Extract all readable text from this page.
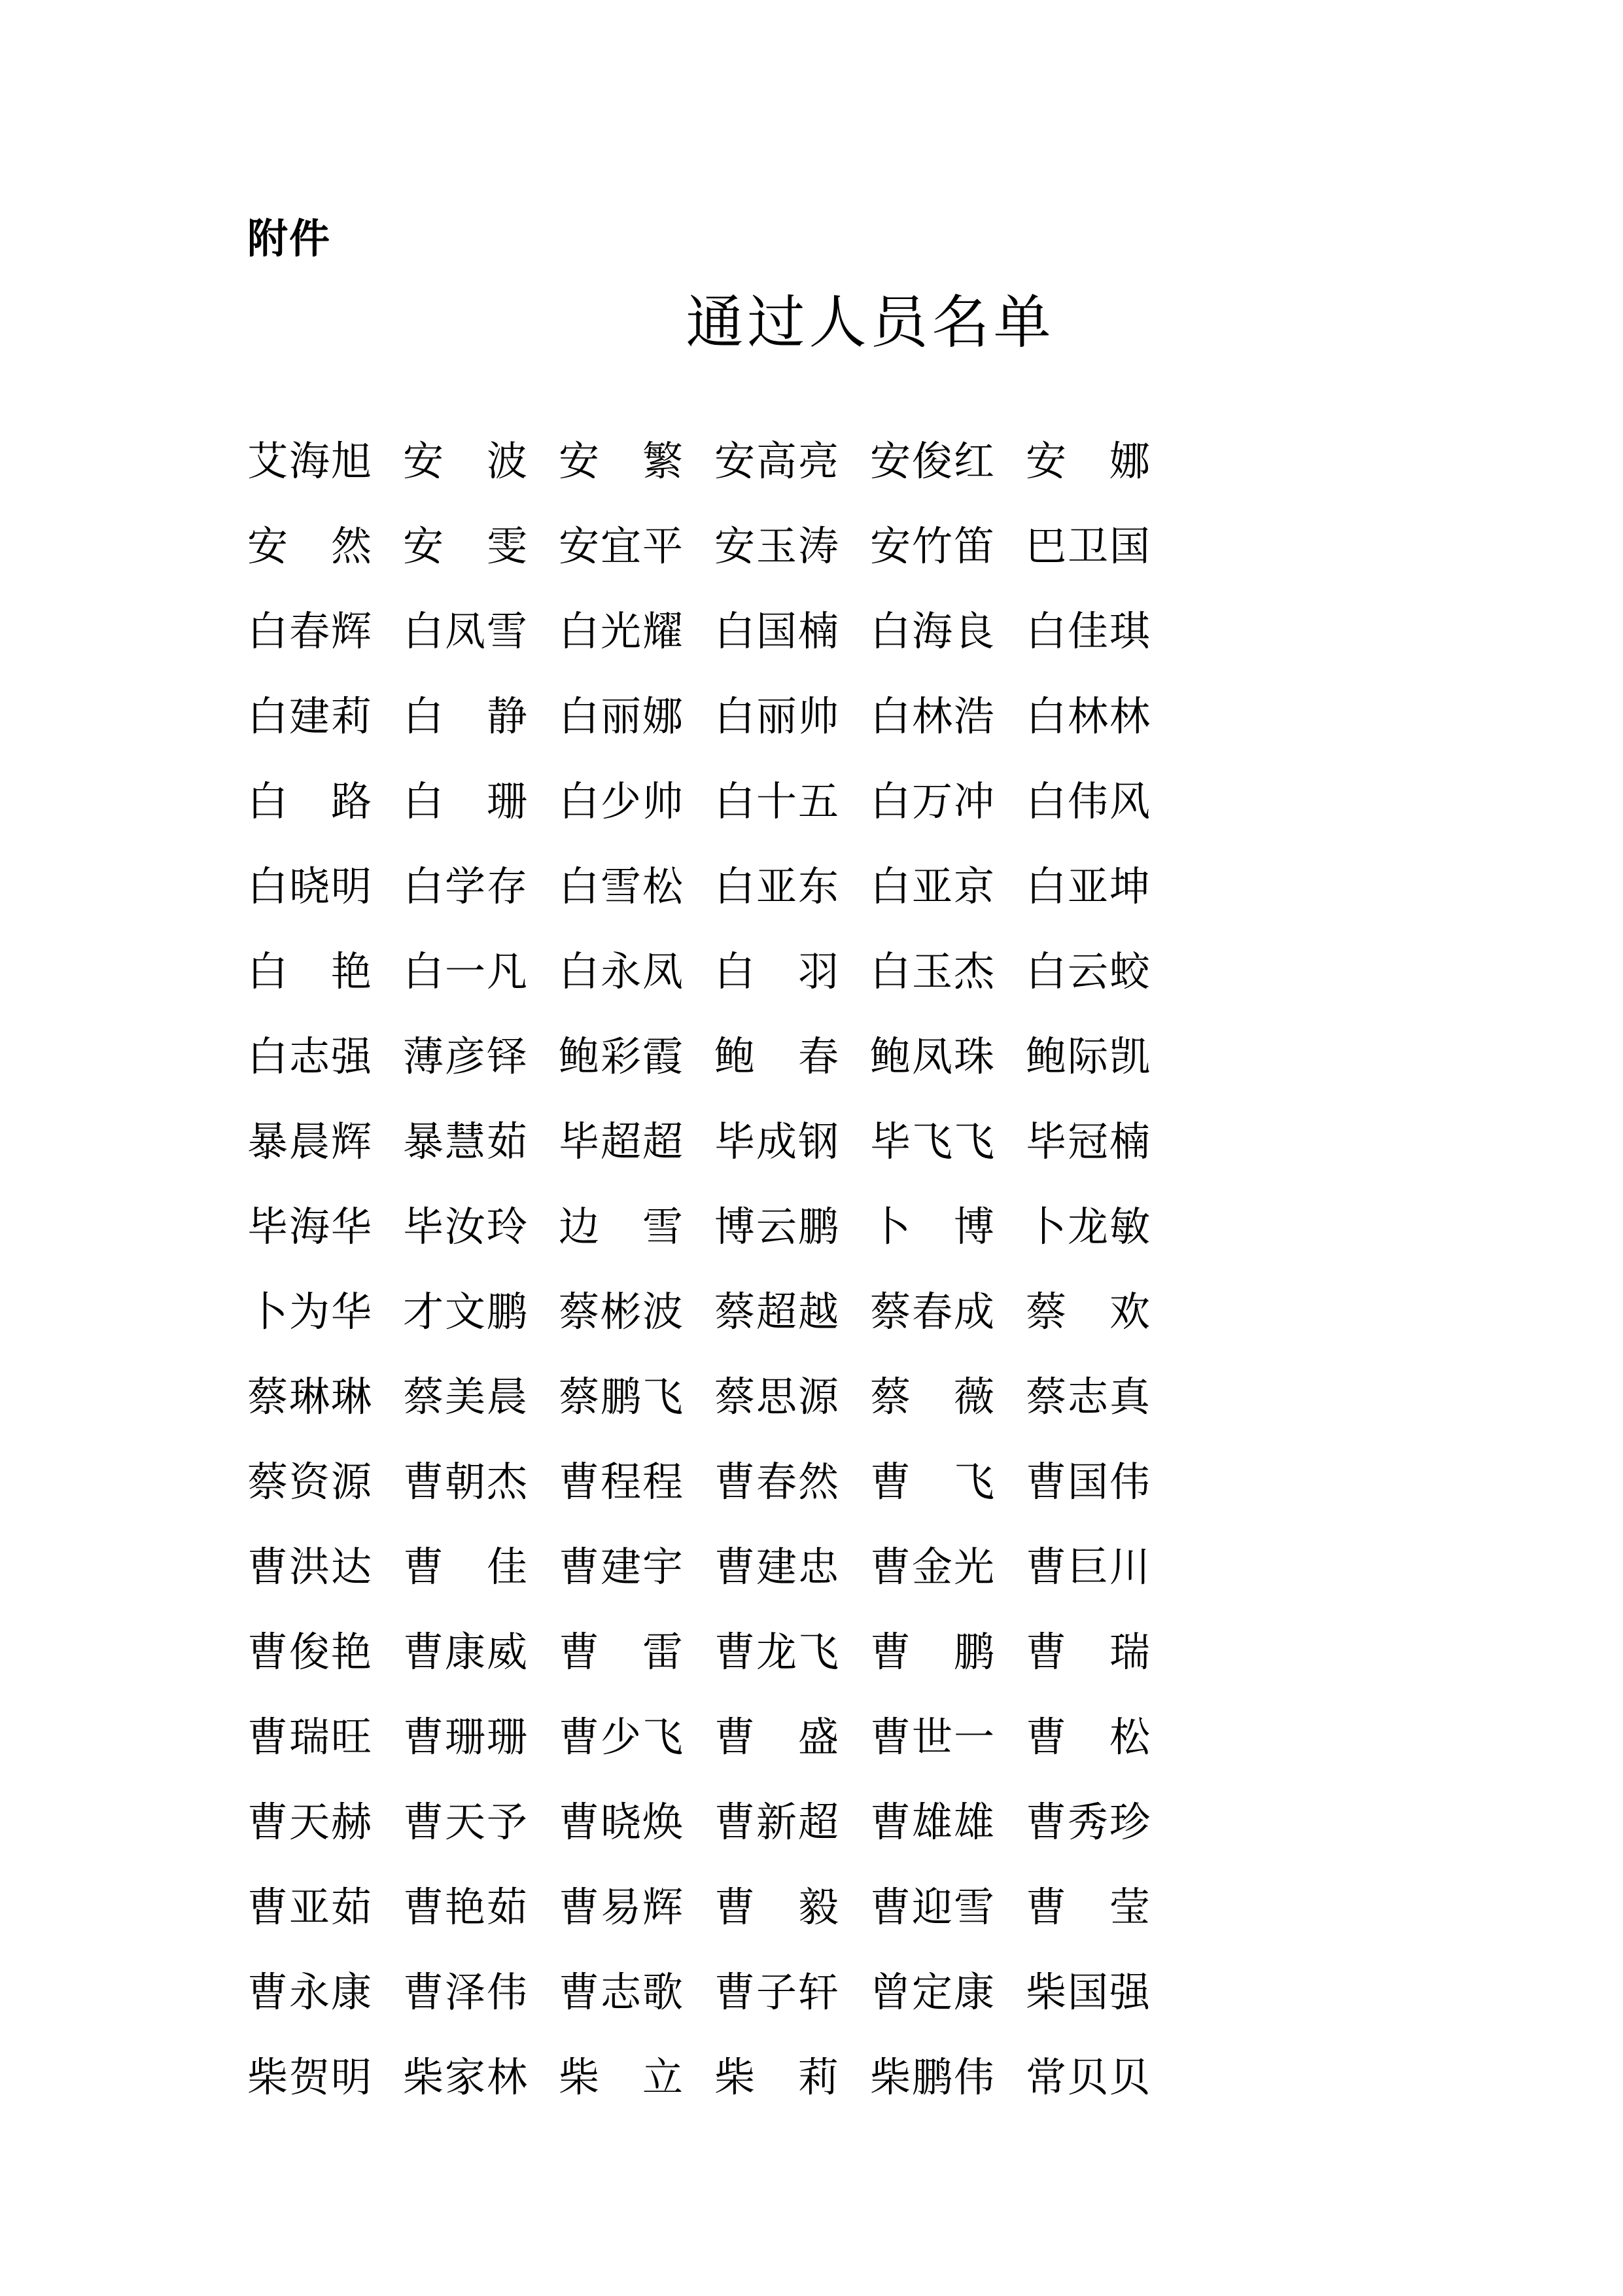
附件
通过人员名单
艾海旭 安　 波 安　 繁 安高亮 安俊红 安　 娜
安　 然 安　 雯 安宜平 安玉涛 安竹笛 巴卫国
白春辉 白凤雪 白光耀 白国楠 白海良 白佳琪
白建莉 白　 静 白丽娜 白丽帅 白林浩 白林林
白　 路 白　 珊 白少帅 白十五 白万冲 白伟风
白晓明 白学存 白雪松 白亚东 白亚京 白亚坤
白　 艳 白一凡 白永凤 白　 羽 白玉杰 白云蛟
白志强 薄彦铎 鲍彩霞 鲍　 春 鲍凤珠 鲍际凯
暴晨辉 暴慧茹 毕超超 毕成钢 毕飞飞 毕冠楠
毕海华 毕汝玲 边　 雪 博云鹏 卜　 博 卜龙敏
卜为华 才文鹏 蔡彬波 蔡超越 蔡春成 蔡　 欢
蔡琳琳 蔡美晨 蔡鹏飞 蔡思源 蔡　 薇 蔡志真
蔡资源 曹朝杰 曹程程 曹春然 曹　 飞 曹国伟
曹洪达 曹　 佳 曹建宇 曹建忠 曹金光 曹巨川
曹俊艳 曹康威 曹　 雷 曹龙飞 曹　 鹏 曹　 瑞
曹瑞旺 曹珊珊 曹少飞 曹　 盛 曹世一 曹　 松
曹天赫 曹天予 曹晓焕 曹新超 曹雄雄 曹秀珍
曹亚茹 曹艳茹 曹易辉 曹　 毅 曹迎雪 曹　 莹
曹永康 曹泽伟 曹志歌 曹子轩 曾定康 柴国强
柴贺明 柴家林 柴　 立 柴　 莉 柴鹏伟 常贝贝
